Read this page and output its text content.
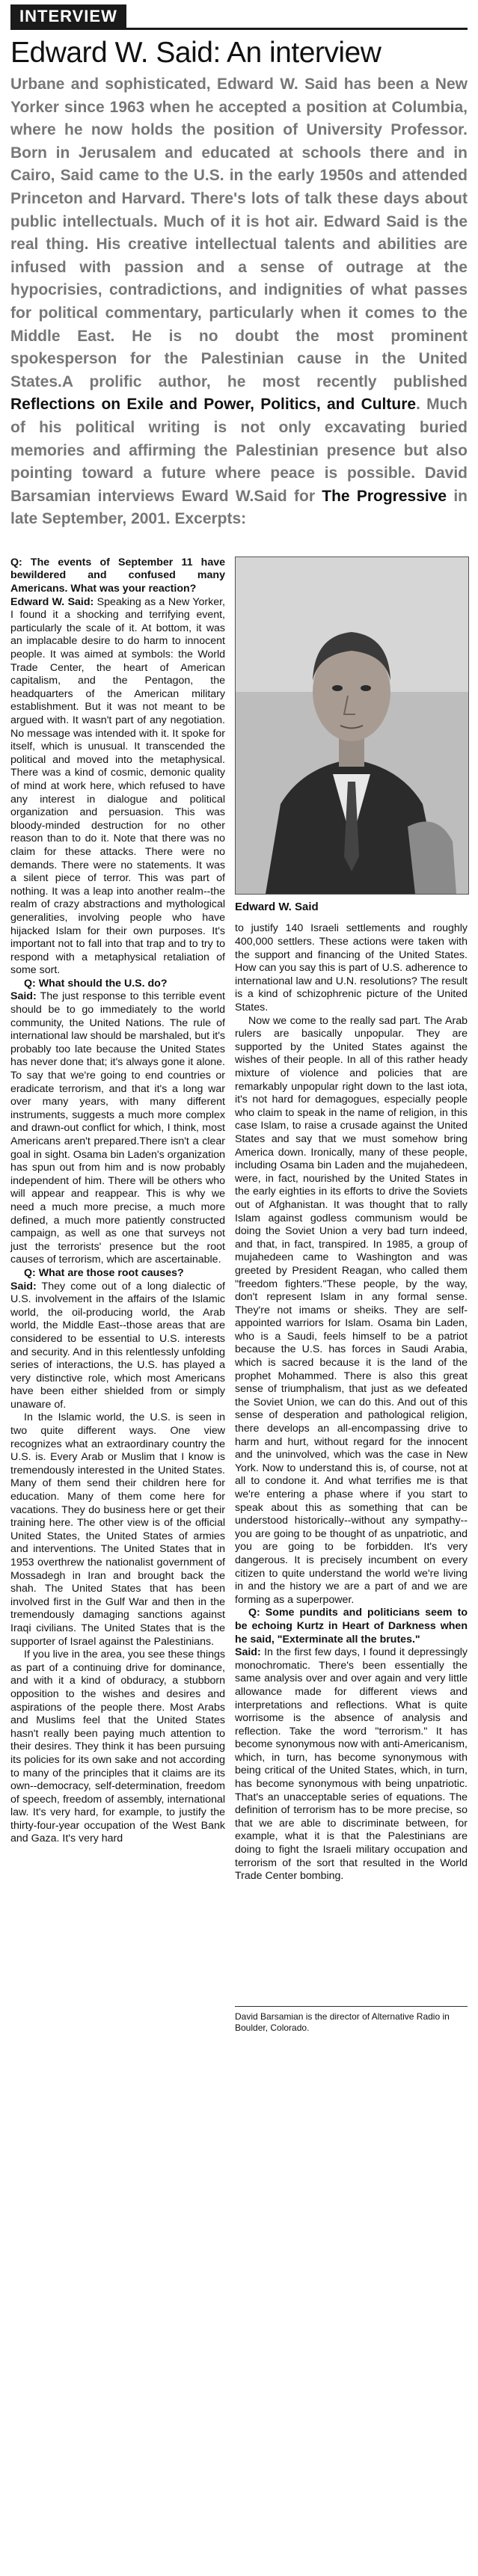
INTERVIEW
Edward W. Said: An interview

Urbane and sophisticated, Edward W. Said has been a New Yorker since 1963 when he accepted a position at Columbia, where he now holds the position of University Professor. Born in Jerusalem and educated at schools there and in Cairo, Said came to the U.S. in the early 1950s and attended Princeton and Harvard. There's lots of talk these days about public intellectuals. Much of it is hot air. Edward Said is the real thing. His creative intellectual talents and abilities are infused with passion and a sense of outrage at the hypocrisies, contradictions, and indignities of what passes for political commentary, particularly when it comes to the Middle East. He is no doubt the most prominent spokesperson for the Palestinian cause in the United States.A prolific author, he most recently published Reflections on Exile and Power, Politics, and Culture. Much of his political writing is not only excavating buried memories and affirming the Palestinian presence but also pointing toward a future where peace is possible. David Barsamian interviews Eward W.Said for The Progressive in late September, 2001. Excerpts:

Q: The events of September 11 have bewildered and confused many Americans. What was your reaction?

Edward W. Said: Speaking as a New Yorker, I found it a shocking and terrifying event, particularly the scale of it. At bottom, it was an implacable desire to do harm to innocent people. It was aimed at symbols: the World Trade Center, the heart of American capitalism, and the Pentagon, the headquarters of the American military establishment. But it was not meant to be argued with. It wasn't part of any negotiation. No message was intended with it. It spoke for itself, which is unusual. It transcended the political and moved into the metaphysical. There was a kind of cosmic, demonic quality of mind at work here, which refused to have any interest in dialogue and political organization and persuasion. This was bloody-minded destruction for no other reason than to do it. Note that there was no claim for these attacks. There were no demands. There were no statements. It was a silent piece of terror. This was part of nothing. It was a leap into another realm--the realm of crazy abstractions and mythological generalities, involving people who have hijacked Islam for their own purposes. It's important not to fall into that trap and to try to respond with a metaphysical retaliation of some sort.

Q: What should the U.S. do?

Said: The just response to this terrible event should be to go immediately to the world community, the United Nations. The rule of international law should be marshaled, but it's probably too late because the United States has never done that; it's always gone it alone. To say that we're going to end countries or eradicate terrorism, and that it's a long war over many years, with many different instruments, suggests a much more complex and drawn-out conflict for which, I think, most Americans aren't prepared.There isn't a clear goal in sight. Osama bin Laden's organization has spun out from him and is now probably independent of him. There will be others who will appear and reappear. This is why we need a much more precise, a much more defined, a much more patiently constructed campaign, as well as one that surveys not just the terrorists' presence but the root causes of terrorism, which are ascertainable.

Q: What are those root causes?

Said: They come out of a long dialectic of U.S. involvement in the affairs of the Islamic world, the oil-producing world, the Arab world, the Middle East--those areas that are considered to be essential to U.S. interests and security. And in this relentlessly unfolding series of interactions, the U.S. has played a very distinctive role, which most Americans have been either shielded from or simply unaware of.

In the Islamic world, the U.S. is seen in two quite different ways. One view recognizes what an extraordinary country the U.S. is. Every Arab or Muslim that I know is tremendously interested in the United States. Many of them send their children here for education. Many of them come here for vacations. They do business here or get their training here. The other view is of the official United States, the United States of armies and interventions. The United States that in 1953 overthrew the nationalist government of Mossadegh in Iran and brought back the shah. The United States that has been involved first in the Gulf War and then in the tremendously damaging sanctions against Iraqi civilians. The United States that is the supporter of Israel against the Palestinians.

If you live in the area, you see these things as part of a continuing drive for dominance, and with it a kind of obduracy, a stubborn opposition to the wishes and desires and aspirations of the people there. Most Arabs and Muslims feel that the United States hasn't really been paying much attention to their desires. They think it has been pursuing its policies for its own sake and not according to many of the principles that it claims are its own--democracy, self-determination, freedom of speech, freedom of assembly, international law. It's very hard, for example, to justify the thirty-four-year occupation of the West Bank and Gaza. It's very hard

Edward W. Said

to justify 140 Israeli settlements and roughly 400,000 settlers. These actions were taken with the support and financing of the United States. How can you say this is part of U.S. adherence to international law and U.N. resolutions? The result is a kind of schizophrenic picture of the United States.

Now we come to the really sad part. The Arab rulers are basically unpopular. They are supported by the United States against the wishes of their people. In all of this rather heady mixture of violence and policies that are remarkably unpopular right down to the last iota, it's not hard for demagogues, especially people who claim to speak in the name of religion, in this case Islam, to raise a crusade against the United States and say that we must somehow bring America down. Ironically, many of these people, including Osama bin Laden and the mujahedeen, were, in fact, nourished by the United States in the early eighties in its efforts to drive the Soviets out of Afghanistan. It was thought that to rally Islam against godless communism would be doing the Soviet Union a very bad turn indeed, and that, in fact, transpired. In 1985, a group of mujahedeen came to Washington and was greeted by President Reagan, who called them "freedom fighters."These people, by the way, don't represent Islam in any formal sense. They're not imams or sheiks. They are self-appointed warriors for Islam. Osama bin Laden, who is a Saudi, feels himself to be a patriot because the U.S. has forces in Saudi Arabia, which is sacred because it is the land of the prophet Mohammed. There is also this great sense of triumphalism, that just as we defeated the Soviet Union, we can do this. And out of this sense of desperation and pathological religion, there develops an all-encompassing drive to harm and hurt, without regard for the innocent and the uninvolved, which was the case in New York. Now to understand this is, of course, not at all to condone it. And what terrifies me is that we're entering a phase where if you start to speak about this as something that can be understood historically--without any sympathy--you are going to be thought of as unpatriotic, and you are going to be forbidden. It's very dangerous. It is precisely incumbent on every citizen to quite understand the world we're living in and the history we are a part of and we are forming as a superpower.

Q: Some pundits and politicians seem to be echoing Kurtz in Heart of Darkness when he said, "Exterminate all the brutes."

Said: In the first few days, I found it depressingly monochromatic. There's been essentially the same analysis over and over again and very little allowance made for different views and interpretations and reflections. What is quite worrisome is the absence of analysis and reflection. Take the word "terrorism." It has become synonymous now with anti-Americanism, which, in turn, has become synonymous with being critical of the United States, which, in turn, has become synonymous with being unpatriotic. That's an unacceptable series of equations. The definition of terrorism has to be more precise, so that we are able to discriminate between, for example, what it is that the Palestinians are doing to fight the Israeli military occupation and terrorism of the sort that resulted in the World Trade Center bombing.

David Barsamian is the director of Alternative Radio in Boulder, Colorado.
